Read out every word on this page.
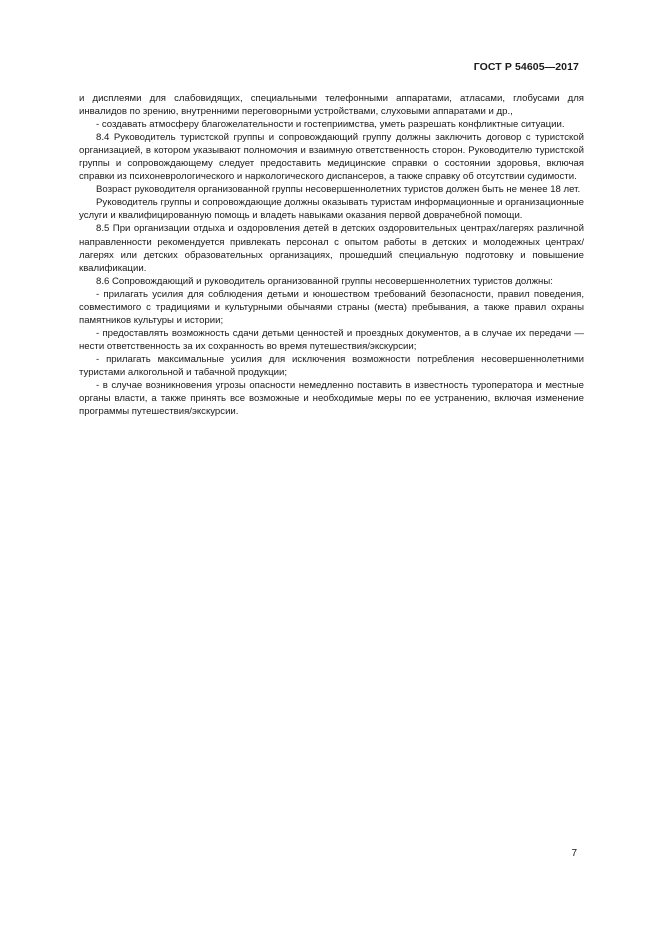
ГОСТ Р 54605—2017

и дисплеями для слабовидящих, специальными телефонными аппаратами, атласами, глобусами для инвалидов по зрению, внутренними переговорными устройствами, слуховыми аппаратами и др.,

- создавать атмосферу благожелательности и гостеприимства, уметь разрешать конфликтные ситуации.

8.4 Руководитель туристской группы и сопровождающий группу должны заключить договор с туристской организацией, в котором указывают полномочия и взаимную ответственность сторон. Руководителю туристской группы и сопровождающему следует предоставить медицинские справки о состоянии здоровья, включая справки из психоневрологического и наркологического диспансеров, а также справку об отсутствии судимости.

Возраст руководителя организованной группы несовершеннолетних туристов должен быть не менее 18 лет.

Руководитель группы и сопровождающие должны оказывать туристам информационные и организационные услуги и квалифицированную помощь и владеть навыками оказания первой доврачебной помощи.

8.5 При организации отдыха и оздоровления детей в детских оздоровительных центрах/лагерях различной направленности рекомендуется привлекать персонал с опытом работы в детских и молодежных центрах/лагерях или детских образовательных организациях, прошедший специальную подготовку и повышение квалификации.

8.6 Сопровождающий и руководитель организованной группы несовершеннолетних туристов должны:

- прилагать усилия для соблюдения детьми и юношеством требований безопасности, правил поведения, совместимого с традициями и культурными обычаями страны (места) пребывания, а также правил охраны памятников культуры и истории;

- предоставлять возможность сдачи детьми ценностей и проездных документов, а в случае их передачи — нести ответственность за их сохранность во время путешествия/экскурсии;

- прилагать максимальные усилия для исключения возможности потребления несовершеннолетними туристами алкогольной и табачной продукции;

- в случае возникновения угрозы опасности немедленно поставить в известность туроператора и местные органы власти, а также принять все возможные и необходимые меры по ее устранению, включая изменение программы путешествия/экскурсии.

7
